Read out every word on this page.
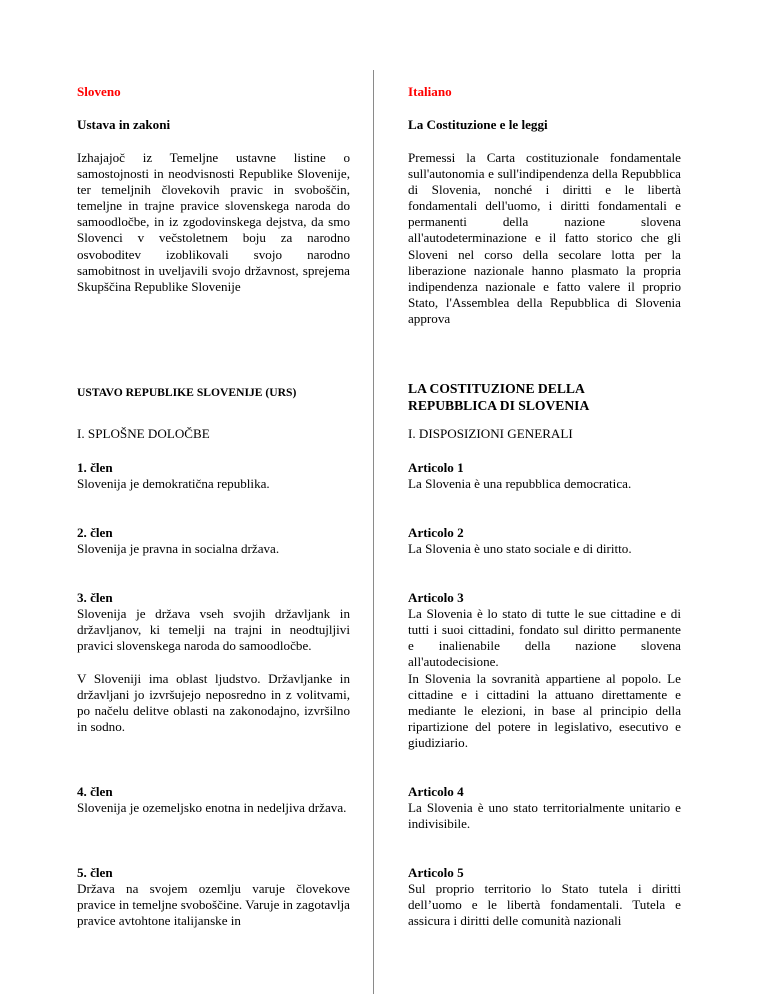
Sloveno
Ustava in zakoni
Izhajajoč iz Temeljne ustavne listine o samostojnosti in neodvisnosti Republike Slovenije, ter temeljnih človekovih pravic in svoboščin, temeljne in trajne pravice slovenskega naroda do samoodločbe, in iz zgodovinskega dejstva, da smo Slovenci v večstoletnem boju za narodno osvoboditev izoblikovali svojo narodno samobitnost in uveljavili svojo državnost, sprejema Skupščina Republike Slovenije
USTAVO REPUBLIKE SLOVENIJE (URS)
I. SPLOŠNE DOLOČBE
1. člen
Slovenija je demokratična republika.
2. člen
Slovenija je pravna in socialna država.
3. člen
Slovenija je država vseh svojih državljank in državljanov, ki temelji na trajni in neodtujljivi pravici slovenskega naroda do samoodločbe.
V Sloveniji ima oblast ljudstvo. Državljanke in državljani jo izvršujejo neposredno in z volitvami, po načelu delitve oblasti na zakonodajno, izvršilno in sodno.
4. člen
Slovenija je ozemeljsko enotna in nedeljiva država.
5. člen
Država na svojem ozemlju varuje človekove pravice in temeljne svoboščine. Varuje in zagotavlja pravice avtohtone italijanske in
Italiano
La Costituzione e le leggi
Premessi la Carta costituzionale fondamentale sull'autonomia e sull'indipendenza della Repubblica di Slovenia, nonché i diritti e le libertà fondamentali dell'uomo, i diritti fondamentali e permanenti della nazione slovena all'autodeterminazione e il fatto storico che gli Sloveni nel corso della secolare lotta per la liberazione nazionale hanno plasmato la propria indipendenza nazionale e fatto valere il proprio Stato, l'Assemblea della Repubblica di Slovenia approva
LA COSTITUZIONE DELLA
REPUBBLICA DI SLOVENIA
I. DISPOSIZIONI GENERALI
Articolo 1
La Slovenia è una repubblica democratica.
Articolo 2
La Slovenia è uno stato sociale e di diritto.
Articolo 3
La Slovenia è lo stato di tutte le sue cittadine e di tutti i suoi cittadini, fondato sul diritto permanente e inalienabile della nazione slovena all'autodecisione.
In Slovenia la sovranità appartiene al popolo. Le cittadine e i cittadini la attuano direttamente e mediante le elezioni, in base al principio della ripartizione del potere in legislativo, esecutivo e giudiziario.
Articolo 4
La Slovenia è uno stato territorialmente unitario e indivisibile.
Articolo 5
Sul proprio territorio lo Stato tutela i diritti dell’uomo e le libertà fondamentali. Tutela e assicura i diritti delle comunità nazionali
